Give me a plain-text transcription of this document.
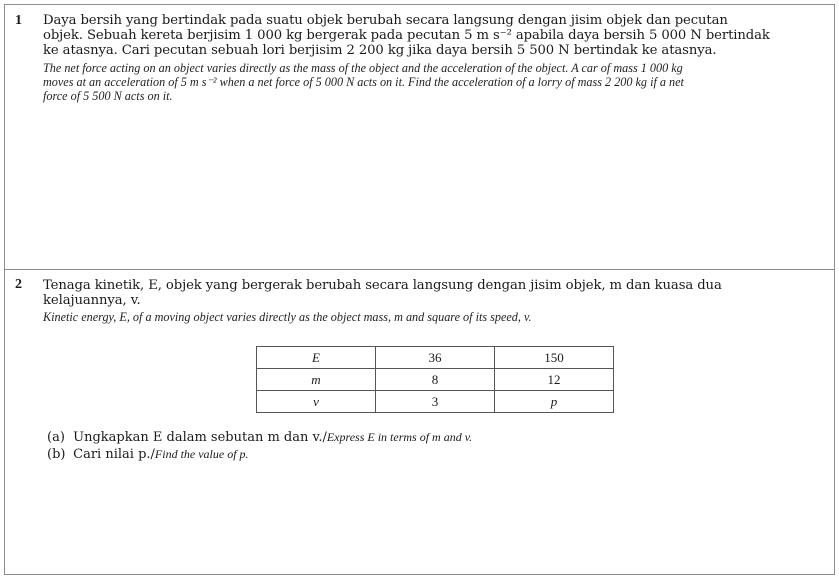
1 Daya bersih yang bertindak pada suatu objek berubah secara langsung dengan jisim objek dan pecutan
objek. Sebuah kereta berjisim 1 000 kg bergerak pada pecutan 5 m s⁻² apabila daya bersih 5 000 N bertindak
ke atasnya. Cari pecutan sebuah lori berjisim 2 200 kg jika daya bersih 5 500 N bertindak ke atasnya.
The net force acting on an object varies directly as the mass of the object and the acceleration of the object. A car of mass 1 000 kg
moves at an acceleration of 5 m s⁻² when a net force of 5 000 N acts on it. Find the acceleration of a lorry of mass 2 200 kg if a net
force of 5 500 N acts on it.
2 Tenaga kinetik, E, objek yang bergerak berubah secara langsung dengan jisim objek, m dan kuasa dua
kelajuannya, v.
Kinetic energy, E, of a moving object varies directly as the object mass, m and square of its speed, v.
E	36	150
m	8	12
v	3	p
(a) Ungkapkan E dalam sebutan m dan v./Express E in terms of m and v.
(b) Cari nilai p./Find the value of p.
